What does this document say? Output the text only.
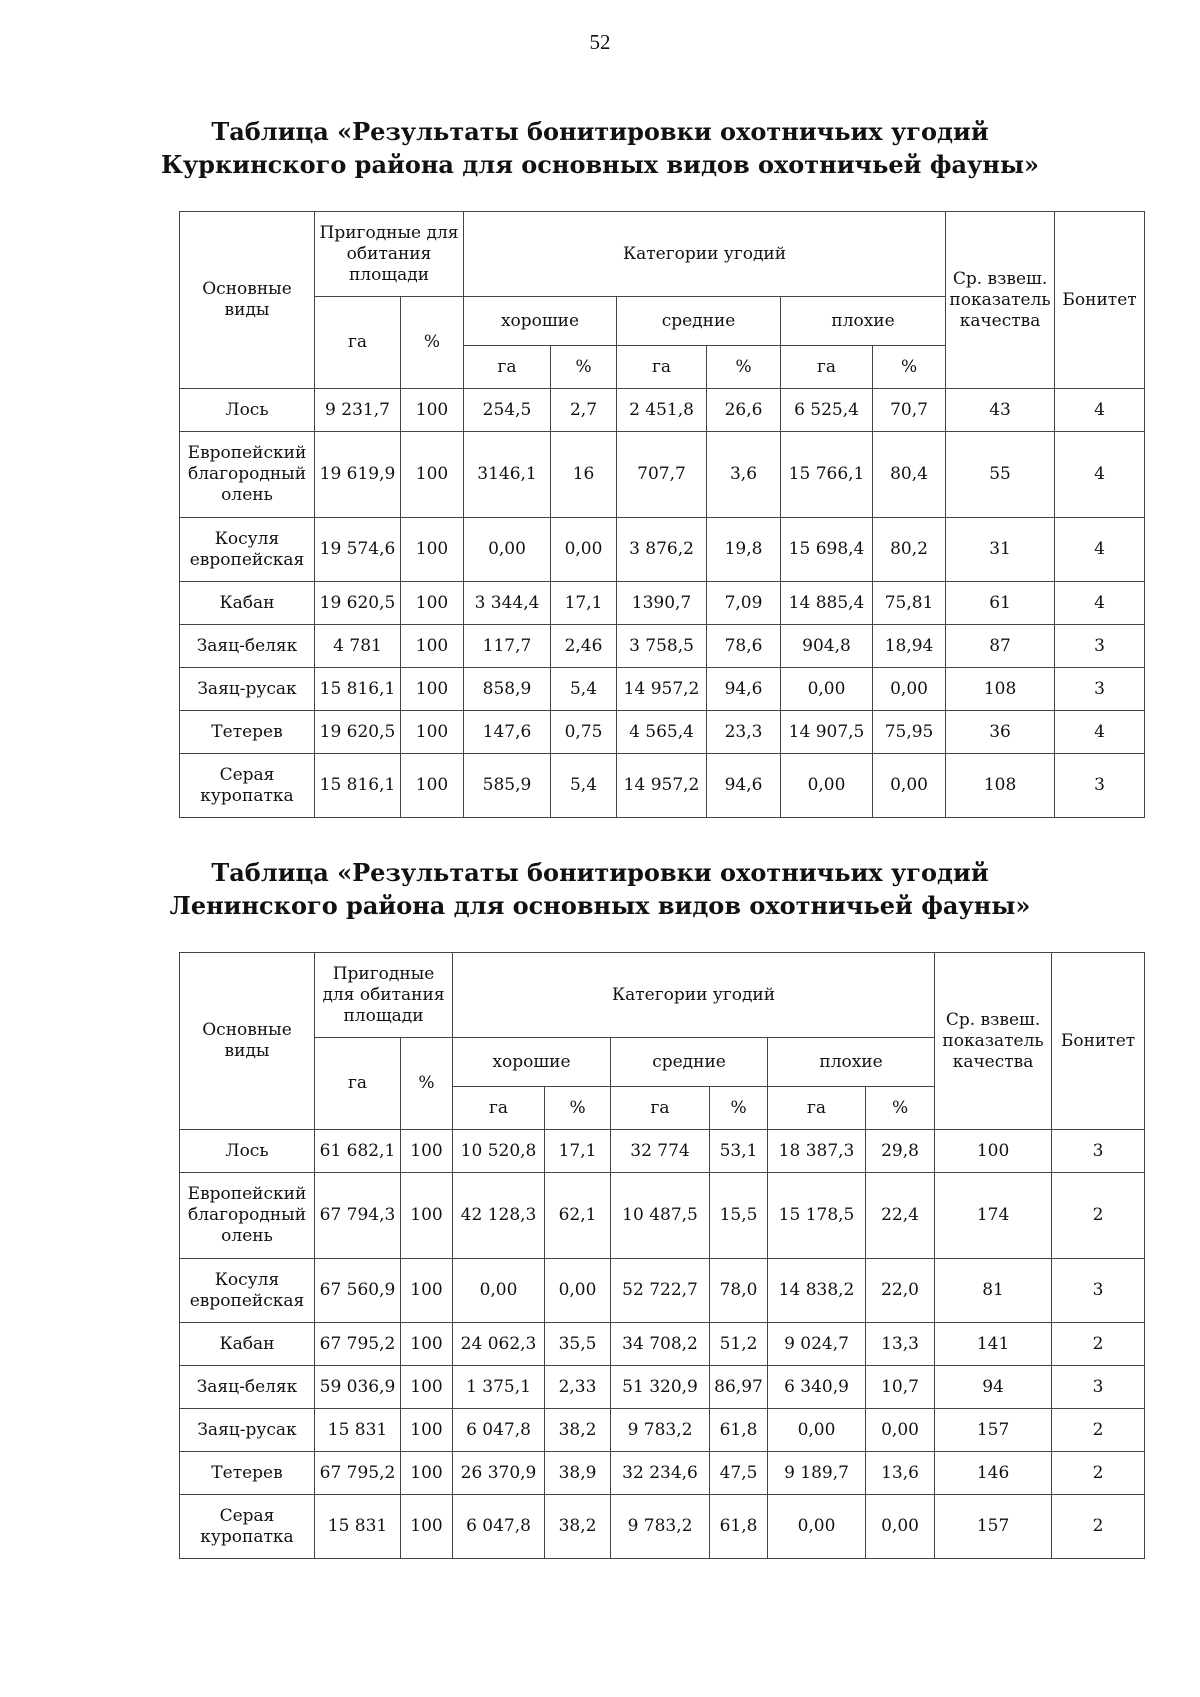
52
Таблица «Результаты бонитировки охотничьих угодий
Куркинского района для основных видов охотничьей фауны»
Основные виды	Пригодные для обитания площади		Категории угодий						Ср. взвеш. показатель качества	Бонитет
	га	%	хорошие		средние		плохие			
			га	%	га	%	га	%		
Лось	9 231,7	100	254,5	2,7	2 451,8	26,6	6 525,4	70,7	43	4
Европейский благородный олень	19 619,9	100	3146,1	16	707,7	3,6	15 766,1	80,4	55	4
Косуля европейская	19 574,6	100	0,00	0,00	3 876,2	19,8	15 698,4	80,2	31	4
Кабан	19 620,5	100	3 344,4	17,1	1390,7	7,09	14 885,4	75,81	61	4
Заяц-беляк	4 781	100	117,7	2,46	3 758,5	78,6	904,8	18,94	87	3
Заяц-русак	15 816,1	100	858,9	5,4	14 957,2	94,6	0,00	0,00	108	3
Тетерев	19 620,5	100	147,6	0,75	4 565,4	23,3	14 907,5	75,95	36	4
Серая куропатка	15 816,1	100	585,9	5,4	14 957,2	94,6	0,00	0,00	108	3
Таблица «Результаты бонитировки охотничьих угодий
Ленинского района для основных видов охотничьей фауны»
Основные виды	Пригодные для обитания площади		Категории угодий						Ср. взвеш. показатель качества	Бонитет
	га	%	хорошие		средние		плохие			
			га	%	га	%	га	%		
Лось	61 682,1	100	10 520,8	17,1	32 774	53,1	18 387,3	29,8	100	3
Европейский благородный олень	67 794,3	100	42 128,3	62,1	10 487,5	15,5	15 178,5	22,4	174	2
Косуля европейская	67 560,9	100	0,00	0,00	52 722,7	78,0	14 838,2	22,0	81	3
Кабан	67 795,2	100	24 062,3	35,5	34 708,2	51,2	9 024,7	13,3	141	2
Заяц-беляк	59 036,9	100	1 375,1	2,33	51 320,9	86,97	6 340,9	10,7	94	3
Заяц-русак	15 831	100	6 047,8	38,2	9 783,2	61,8	0,00	0,00	157	2
Тетерев	67 795,2	100	26 370,9	38,9	32 234,6	47,5	9 189,7	13,6	146	2
Серая куропатка	15 831	100	6 047,8	38,2	9 783,2	61,8	0,00	0,00	157	2
